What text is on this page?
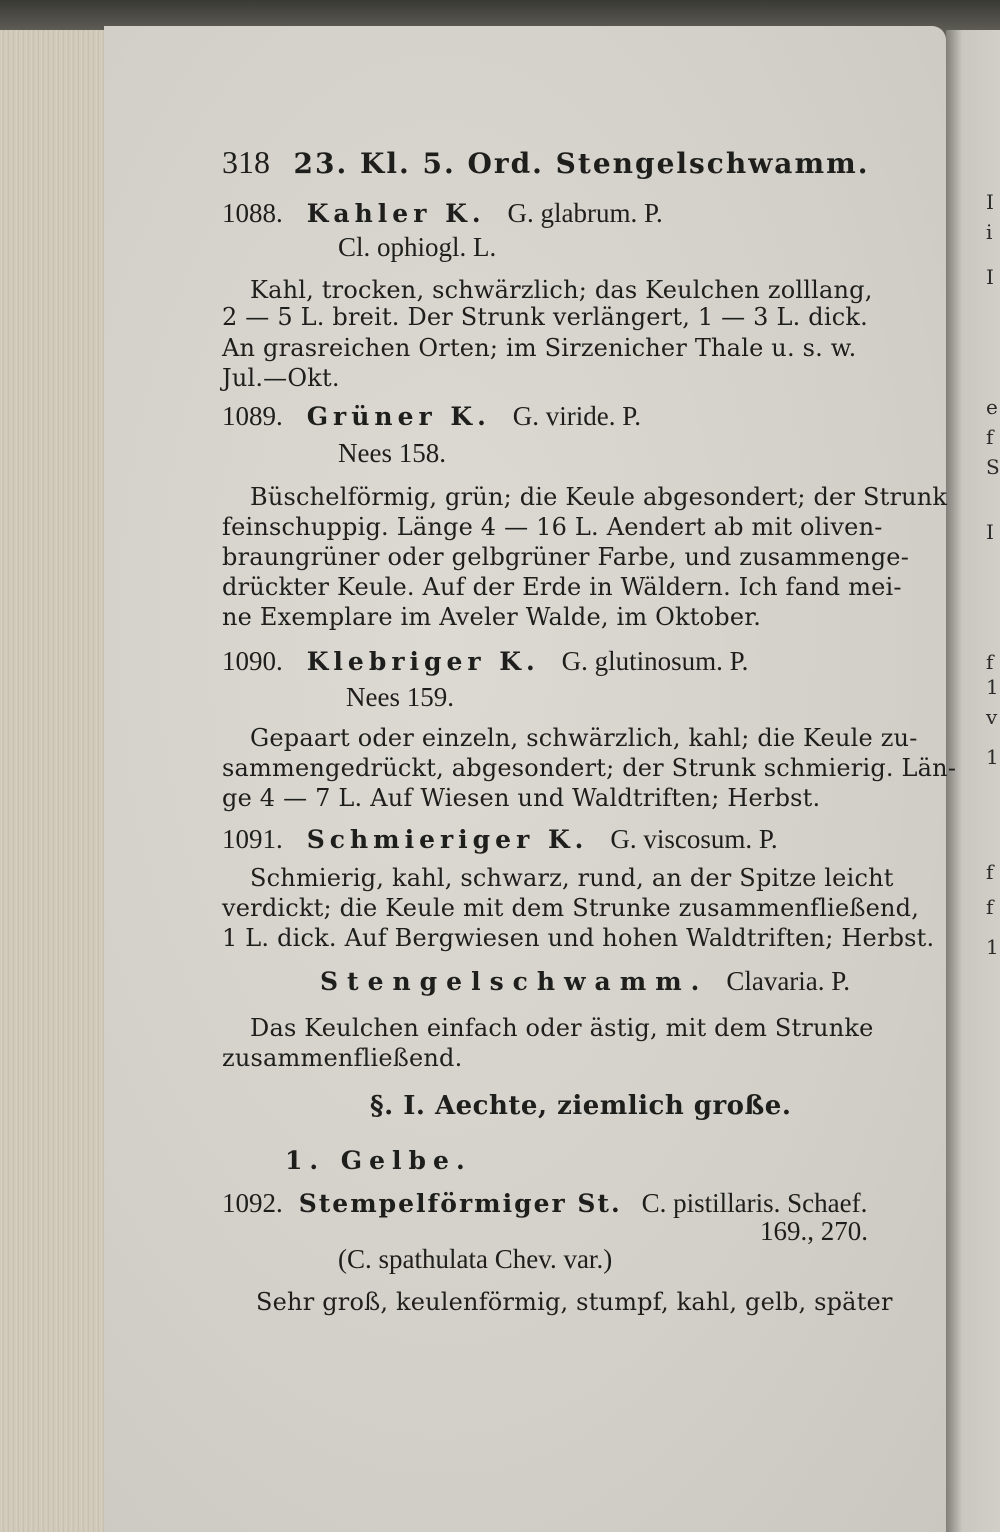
I
i
I
e
f
S
I
f
1
v
1
f
f
1
318 23. Kl. 5. Ord. Stengelschwamm.
1088. Kahler K. G. glabrum. P.
Cl. ophiogl. L.
Kahl, trocken, schwärzlich; das Keulchen zolllang,
2 — 5 L. breit. Der Strunk verlängert, 1 — 3 L. dick.
An grasreichen Orten; im Sirzenicher Thale u. s. w.
Jul.—Okt.
1089. Grüner K. G. viride. P.
Nees 158.
Büschelförmig, grün; die Keule abgesondert; der Strunk
feinschuppig. Länge 4 — 16 L. Aendert ab mit oliven-
braungrüner oder gelbgrüner Farbe, und zusammenge-
drückter Keule. Auf der Erde in Wäldern. Ich fand mei-
ne Exemplare im Aveler Walde, im Oktober.
1090. Klebriger K. G. glutinosum. P.
Nees 159.
Gepaart oder einzeln, schwärzlich, kahl; die Keule zu-
sammengedrückt, abgesondert; der Strunk schmierig. Län-
ge 4 — 7 L. Auf Wiesen und Waldtriften; Herbst.
1091. Schmieriger K. G. viscosum. P.
Schmierig, kahl, schwarz, rund, an der Spitze leicht
verdickt; die Keule mit dem Strunke zusammenfließend,
1 L. dick. Auf Bergwiesen und hohen Waldtriften; Herbst.
Stengelschwamm. Clavaria. P.
Das Keulchen einfach oder ästig, mit dem Strunke
zusammenfließend.
§. I. Aechte, ziemlich große.
1. Gelbe.
1092. Stempelförmiger St. C. pistillaris. Schaef.
169., 270.
(C. spathulata Chev. var.)
Sehr groß, keulenförmig, stumpf, kahl, gelb, später
